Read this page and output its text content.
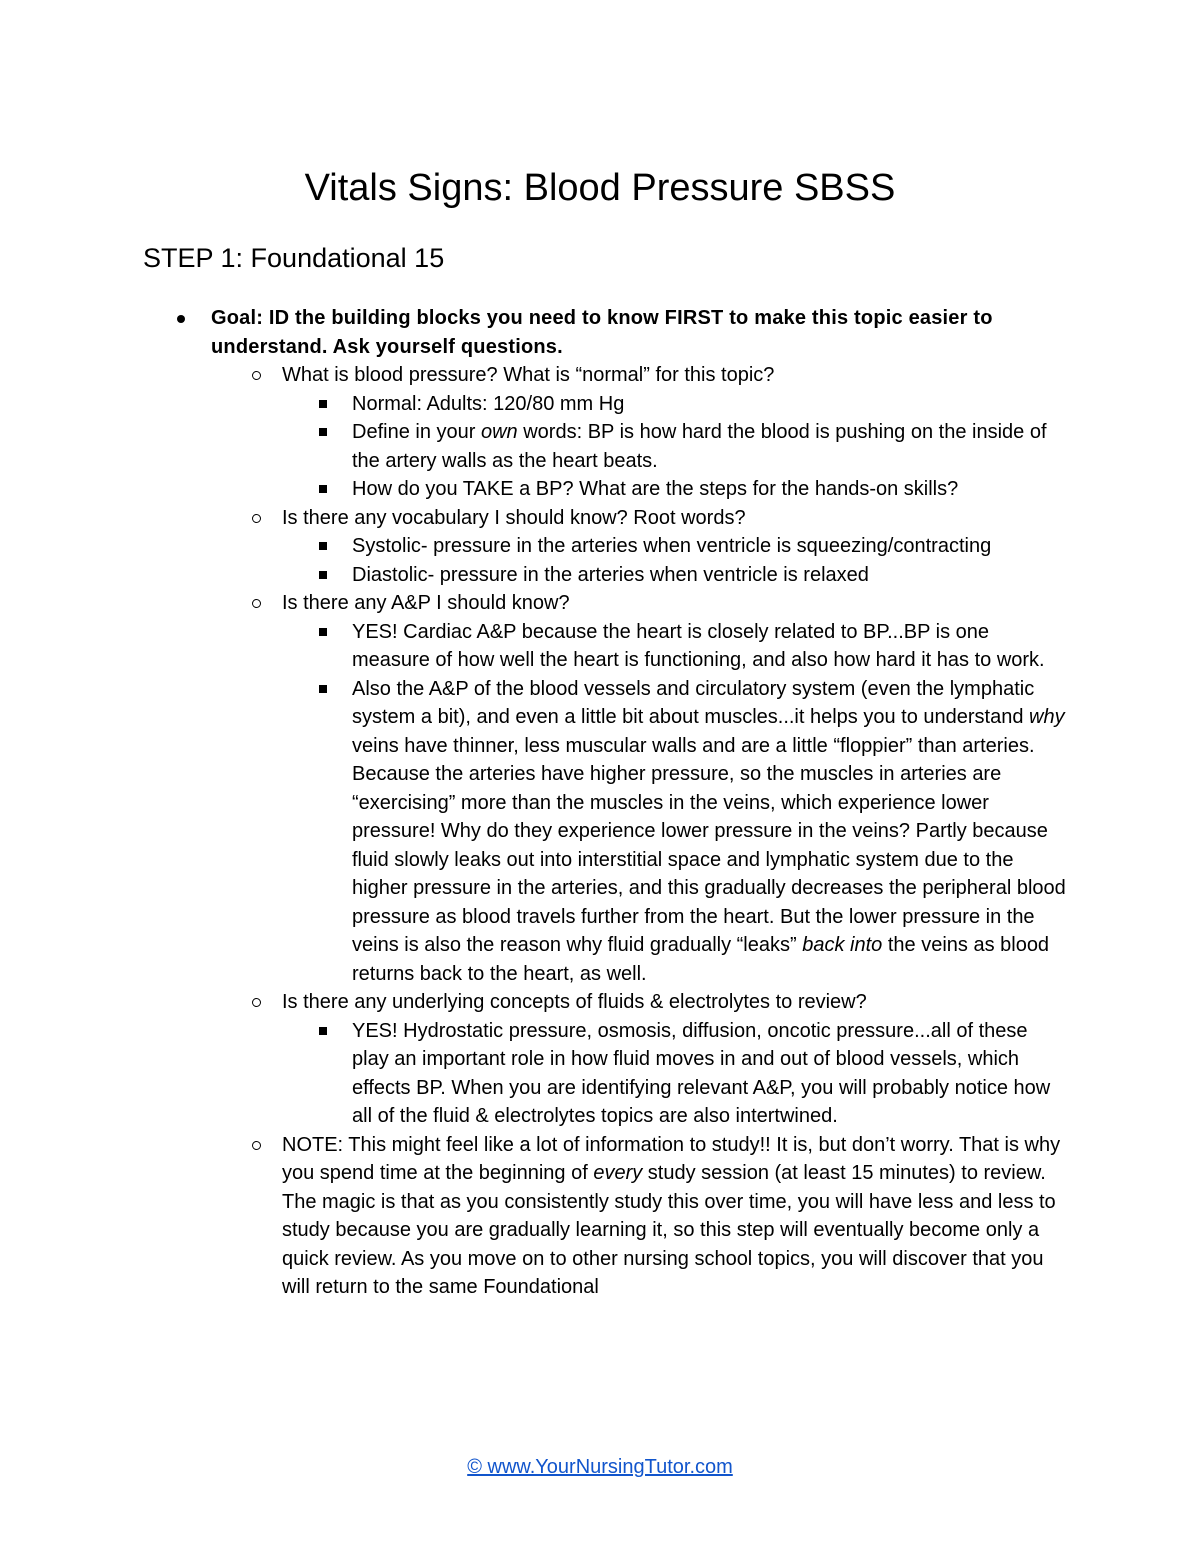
Vitals Signs: Blood Pressure SBSS
STEP 1: Foundational 15
Goal: ID the building blocks you need to know FIRST to make this topic easier to understand. Ask yourself questions.
What is blood pressure? What is “normal” for this topic?
Normal: Adults: 120/80 mm Hg
Define in your own words: BP is how hard the blood is pushing on the inside of the artery walls as the heart beats.
How do you TAKE a BP? What are the steps for the hands-on skills?
Is there any vocabulary I should know? Root words?
Systolic- pressure in the arteries when ventricle is squeezing/contracting
Diastolic- pressure in the arteries when ventricle is relaxed
Is there any A&P I should know?
YES! Cardiac A&P because the heart is closely related to BP...BP is one measure of how well the heart is functioning, and also how hard it has to work.
Also the A&P of the blood vessels and circulatory system (even the lymphatic system a bit), and even a little bit about muscles...it helps you to understand why veins have thinner, less muscular walls and are a little “floppier” than arteries. Because the arteries have higher pressure, so the muscles in arteries are “exercising” more than the muscles in the veins, which experience lower pressure! Why do they experience lower pressure in the veins? Partly because fluid slowly leaks out into interstitial space and lymphatic system due to the higher pressure in the arteries, and this gradually decreases the peripheral blood pressure as blood travels further from the heart. But the lower pressure in the veins is also the reason why fluid gradually “leaks” back into the veins as blood returns back to the heart, as well.
Is there any underlying concepts of fluids & electrolytes to review?
YES! Hydrostatic pressure, osmosis, diffusion, oncotic pressure...all of these play an important role in how fluid moves in and out of blood vessels, which effects BP. When you are identifying relevant A&P, you will probably notice how all of the fluid & electrolytes topics are also intertwined.
NOTE: This might feel like a lot of information to study!! It is, but don’t worry. That is why you spend time at the beginning of every study session (at least 15 minutes) to review. The magic is that as you consistently study this over time, you will have less and less to study because you are gradually learning it, so this step will eventually become only a quick review. As you move on to other nursing school topics, you will discover that you will return to the same Foundational
© www.YourNursingTutor.com
